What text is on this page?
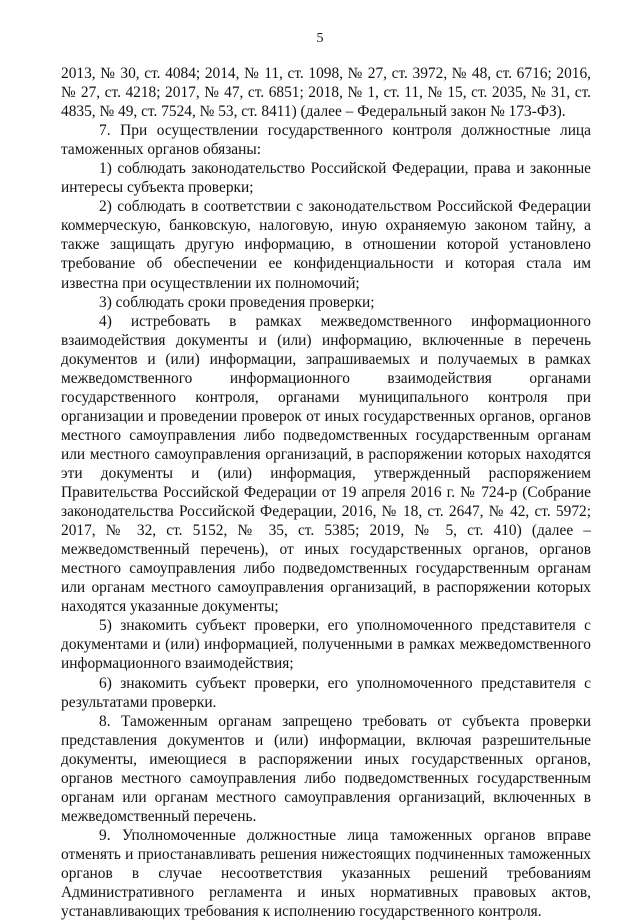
5

2013, № 30, ст. 4084; 2014, № 11, ст. 1098, № 27, ст. 3972, № 48, ст. 6716; 2016, № 27, ст. 4218; 2017, № 47, ст. 6851; 2018, № 1, ст. 11, № 15, ст. 2035, № 31, ст. 4835, № 49, ст. 7524, № 53, ст. 8411) (далее – Федеральный закон № 173-ФЗ).

7. При осуществлении государственного контроля должностные лица таможенных органов обязаны:

1) соблюдать законодательство Российской Федерации, права и законные интересы субъекта проверки;

2) соблюдать в соответствии с законодательством Российской Федерации коммерческую, банковскую, налоговую, иную охраняемую законом тайну, а также защищать другую информацию, в отношении которой установлено требование об обеспечении ее конфиденциальности и которая стала им известна при осуществлении их полномочий;

3) соблюдать сроки проведения проверки;

4) истребовать в рамках межведомственного информационного взаимодействия документы и (или) информацию, включенные в перечень документов и (или) информации, запрашиваемых и получаемых в рамках межведомственного информационного взаимодействия органами государственного контроля, органами муниципального контроля при организации и проведении проверок от иных государственных органов, органов местного самоуправления либо подведомственных государственным органам или местного самоуправления организаций, в распоряжении которых находятся эти документы и (или) информация, утвержденный распоряжением Правительства Российской Федерации от 19 апреля 2016 г. № 724-р (Собрание законодательства Российской Федерации, 2016, № 18, ст. 2647, № 42, ст. 5972; 2017, № 32, ст. 5152, № 35, ст. 5385; 2019, № 5, ст. 410) (далее – межведомственный перечень), от иных государственных органов, органов местного самоуправления либо подведомственных государственным органам или органам местного самоуправления организаций, в распоряжении которых находятся указанные документы;

5) знакомить субъект проверки, его уполномоченного представителя с документами и (или) информацией, полученными в рамках межведомственного информационного взаимодействия;

6) знакомить субъект проверки, его уполномоченного представителя с результатами проверки.

8. Таможенным органам запрещено требовать от субъекта проверки представления документов и (или) информации, включая разрешительные документы, имеющиеся в распоряжении иных государственных органов, органов местного самоуправления либо подведомственных государственным органам или органам местного самоуправления организаций, включенных в межведомственный перечень.

9. Уполномоченные должностные лица таможенных органов вправе отменять и приостанавливать решения нижестоящих подчиненных таможенных органов в случае несоответствия указанных решений требованиям Административного регламента и иных нормативных правовых актов, устанавливающих требования к исполнению государственного контроля.
